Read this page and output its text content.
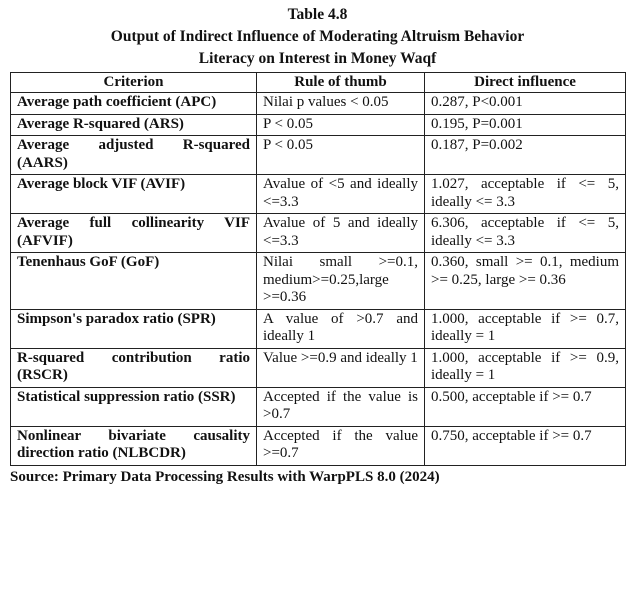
Table 4.8
Output of Indirect Influence of Moderating Altruism Behavior
Literacy on Interest in Money Waqf
Criterion	Rule of thumb	Direct influence
Average path coefficient (APC)	Nilai p values < 0.05	0.287, P<0.001
Average R-squared (ARS)	P < 0.05	0.195, P=0.001
Average adjusted R-squared (AARS)	P < 0.05	0.187, P=0.002
Average block VIF (AVIF)	Avalue of <5 and ideally <=3.3	1.027, acceptable if <= 5, ideally <= 3.3
Average full collinearity VIF (AFVIF)	Avalue of 5 and ideally <=3.3	6.306, acceptable if <= 5, ideally <= 3.3
Tenenhaus GoF (GoF)	Nilai small >=0.1, medium>=0.25,large >=0.36	0.360, small >= 0.1, medium >= 0.25, large >= 0.36
Simpson's paradox ratio (SPR)	A value of >0.7 and ideally 1	1.000, acceptable if >= 0.7, ideally = 1
R-squared contribution ratio (RSCR)	Value >=0.9 and ideally 1	1.000, acceptable if >= 0.9, ideally = 1
Statistical suppression ratio (SSR)	Accepted if the value is >0.7	0.500, acceptable if >= 0.7
Nonlinear bivariate causality direction ratio (NLBCDR)	Accepted if the value >=0.7	0.750, acceptable if >= 0.7
Source: Primary Data Processing Results with WarpPLS 8.0 (2024)
